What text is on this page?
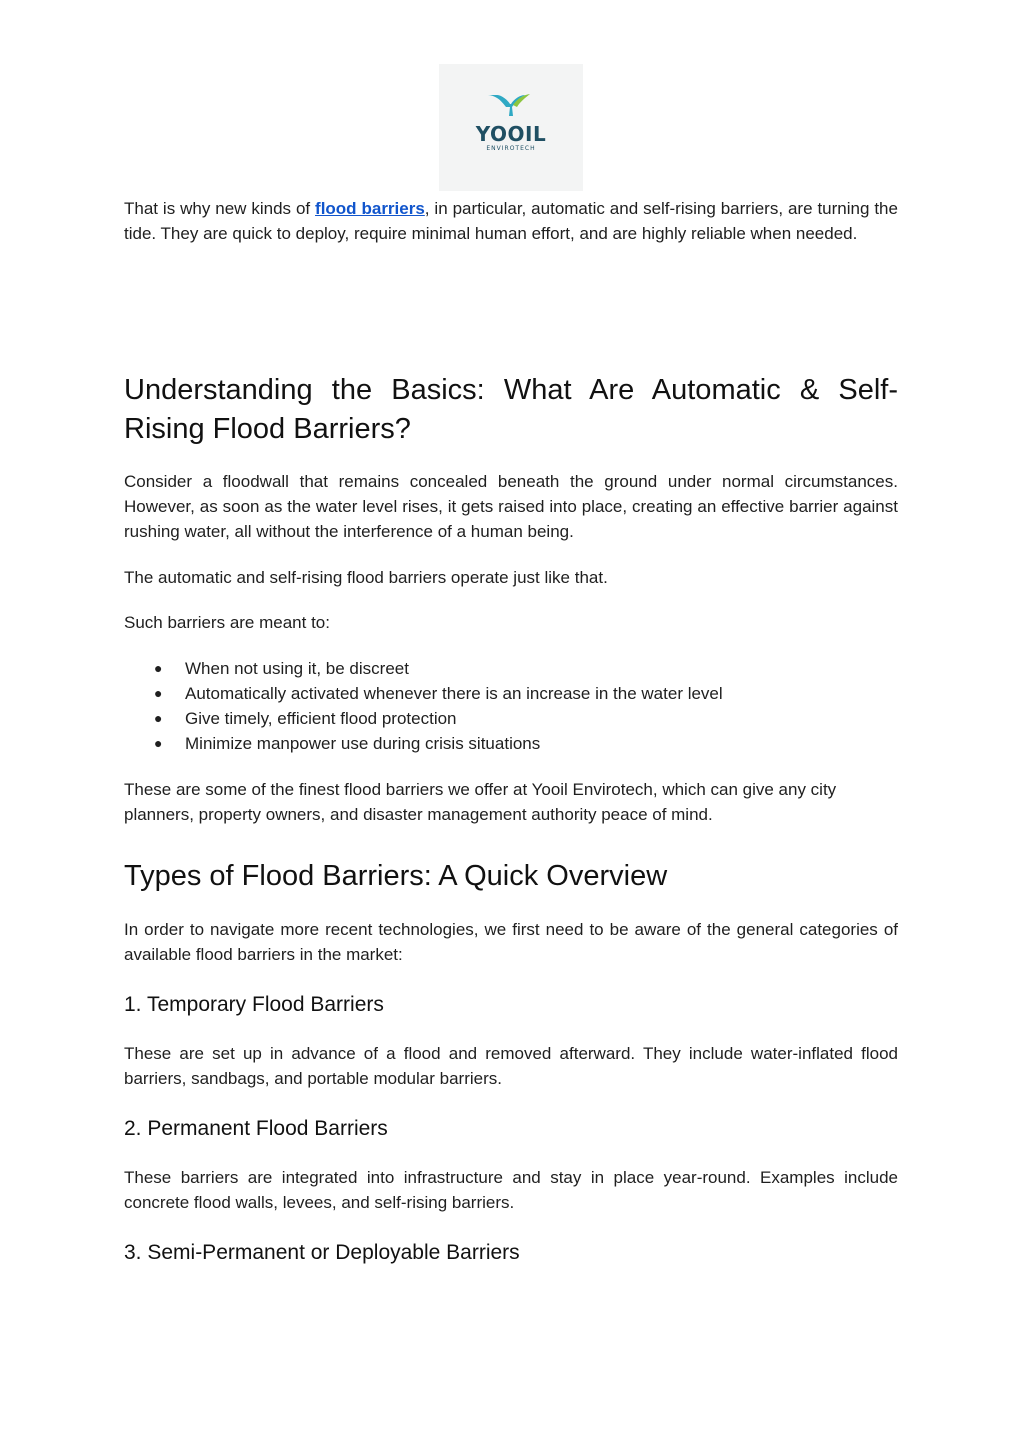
YOOIL
ENVIROTECH

That is why new kinds of flood barriers, in particular, automatic and self-rising barriers, are turning the tide. They are quick to deploy, require minimal human effort, and are highly reliable when needed.

Understanding the Basics: What Are Automatic & Self-Rising Flood Barriers?

Consider a floodwall that remains concealed beneath the ground under normal circumstances. However, as soon as the water level rises, it gets raised into place, creating an effective barrier against rushing water, all without the interference of a human being.

The automatic and self-rising flood barriers operate just like that.

Such barriers are meant to:

● When not using it, be discreet
● Automatically activated whenever there is an increase in the water level
● Give timely, efficient flood protection
● Minimize manpower use during crisis situations

These are some of the finest flood barriers we offer at Yooil Envirotech, which can give any city planners, property owners, and disaster management authority peace of mind.

Types of Flood Barriers: A Quick Overview

In order to navigate more recent technologies, we first need to be aware of the general categories of available flood barriers in the market:

1. Temporary Flood Barriers

These are set up in advance of a flood and removed afterward. They include water-inflated flood barriers, sandbags, and portable modular barriers.

2. Permanent Flood Barriers

These barriers are integrated into infrastructure and stay in place year-round. Examples include concrete flood walls, levees, and self-rising barriers.

3. Semi-Permanent or Deployable Barriers
